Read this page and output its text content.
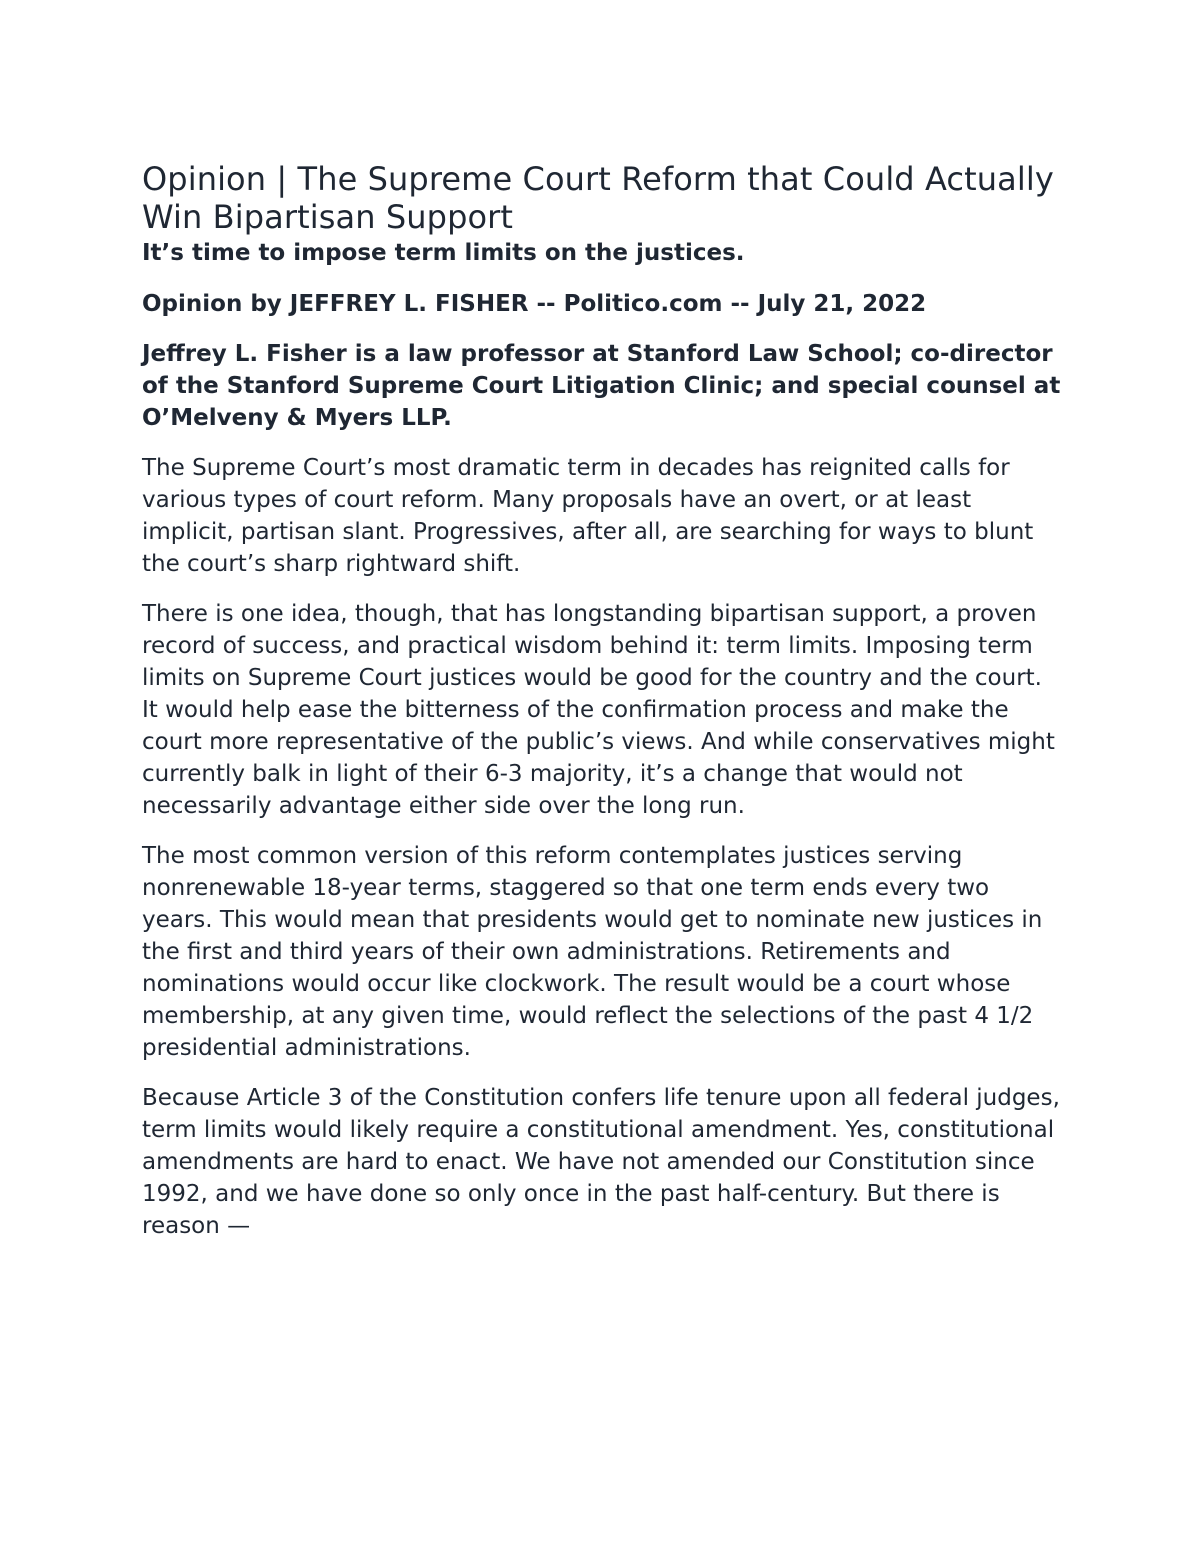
Opinion | The Supreme Court Reform that Could Actually Win Bipartisan Support

It’s time to impose term limits on the justices.

Opinion by JEFFREY L. FISHER -- Politico.com -- July 21, 2022

Jeffrey L. Fisher is a law professor at Stanford Law School; co-director of the Stanford Supreme Court Litigation Clinic; and special counsel at O’Melveny & Myers LLP.

The Supreme Court’s most dramatic term in decades has reignited calls for various types of court reform. Many proposals have an overt, or at least implicit, partisan slant. Progressives, after all, are searching for ways to blunt the court’s sharp rightward shift.

There is one idea, though, that has longstanding bipartisan support, a proven record of success, and practical wisdom behind it: term limits. Imposing term limits on Supreme Court justices would be good for the country and the court. It would help ease the bitterness of the confirmation process and make the court more representative of the public’s views. And while conservatives might currently balk in light of their 6-3 majority, it’s a change that would not necessarily advantage either side over the long run.

The most common version of this reform contemplates justices serving nonrenewable 18-year terms, staggered so that one term ends every two years. This would mean that presidents would get to nominate new justices in the first and third years of their own administrations. Retirements and nominations would occur like clockwork. The result would be a court whose membership, at any given time, would reflect the selections of the past 4 1/2 presidential administrations.

Because Article 3 of the Constitution confers life tenure upon all federal judges, term limits would likely require a constitutional amendment. Yes, constitutional amendments are hard to enact. We have not amended our Constitution since 1992, and we have done so only once in the past half-century. But there is reason —
